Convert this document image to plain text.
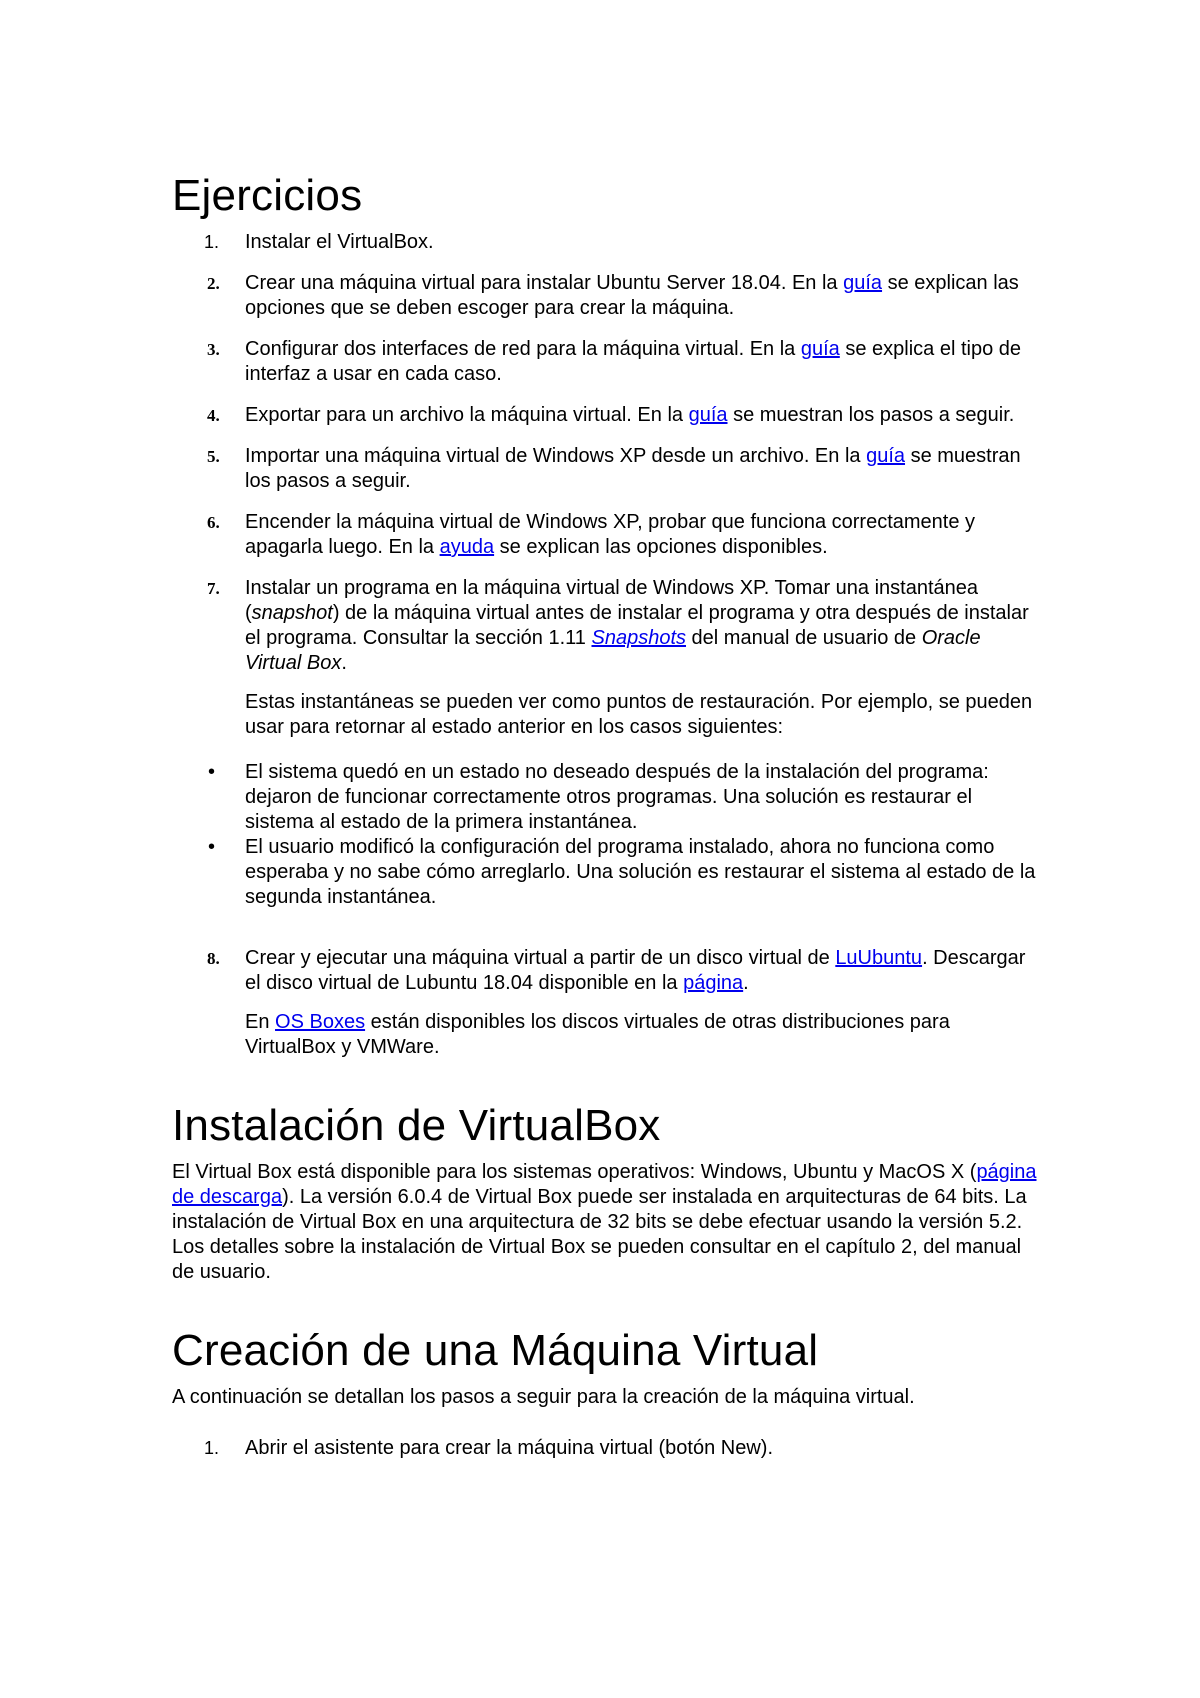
Ejercicios
1.	Instalar el VirtualBox.

2.	Crear una máquina virtual para instalar Ubuntu Server 18.04. En la guía se explican las opciones que se deben escoger para crear la máquina.

3.	Configurar dos interfaces de red para la máquina virtual. En la guía se explica el tipo de interfaz a usar en cada caso.

4.	Exportar para un archivo la máquina virtual. En la guía se muestran los pasos a seguir.

5.	Importar una máquina virtual de Windows XP desde un archivo. En la guía se muestran los pasos a seguir.

6.	Encender la máquina virtual de Windows XP, probar que funciona correctamente y apagarla luego. En la ayuda se explican las opciones disponibles.

7.	Instalar un programa en la máquina virtual de Windows XP. Tomar una instantánea (snapshot) de la máquina virtual antes de instalar el programa y otra después de instalar el programa. Consultar la sección 1.11 Snapshots del manual de usuario de Oracle Virtual Box.

Estas instantáneas se pueden ver como puntos de restauración. Por ejemplo, se pueden usar para retornar al estado anterior en los casos siguientes:

• El sistema quedó en un estado no deseado después de la instalación del programa: dejaron de funcionar correctamente otros programas. Una solución es restaurar el sistema al estado de la primera instantánea.
• El usuario modificó la configuración del programa instalado, ahora no funciona como esperaba y no sabe cómo arreglarlo. Una solución es restaurar el sistema al estado de la segunda instantánea.
8.	Crear y ejecutar una máquina virtual a partir de un disco virtual de LuUbuntu. Descargar el disco virtual de Lubuntu 18.04 disponible en la página.

En OS Boxes están disponibles los discos virtuales de otras distribuciones para VirtualBox y VMWare.

Instalación de VirtualBox

El Virtual Box está disponible para los sistemas operativos: Windows, Ubuntu y MacOS X (página de descarga). La versión 6.0.4 de Virtual Box puede ser instalada en arquitecturas de 64 bits. La instalación de Virtual Box en una arquitectura de 32 bits se debe efectuar usando la versión 5.2. Los detalles sobre la instalación de Virtual Box se pueden consultar en el capítulo 2, del manual de usuario.

Creación de una Máquina Virtual

A continuación se detallan los pasos a seguir para la creación de la máquina virtual.

1.	Abrir el asistente para crear la máquina virtual (botón New).
